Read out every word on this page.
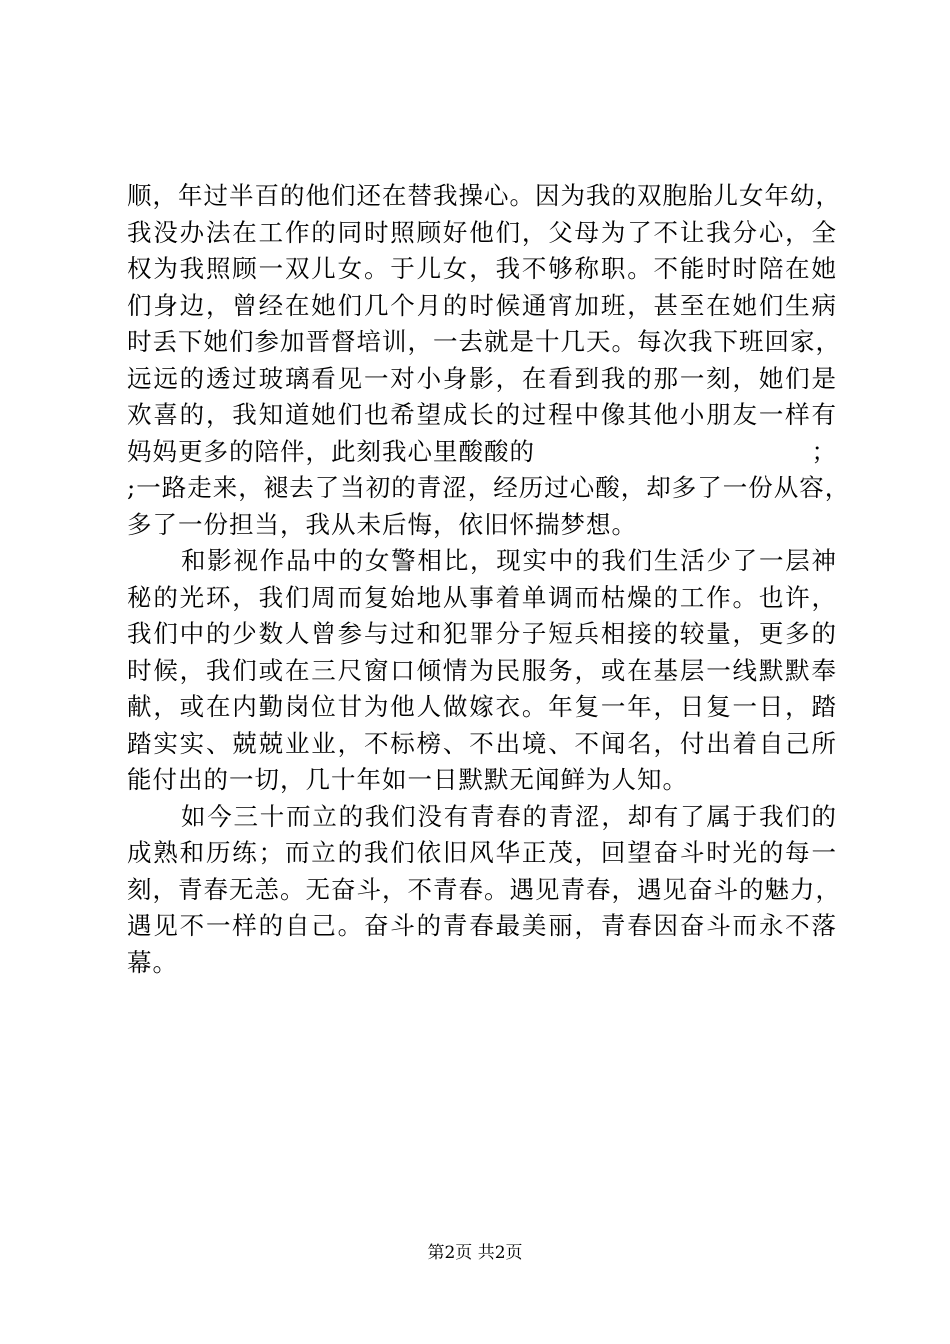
顺，年过半百的他们还在替我操心。因为我的双胞胎儿女年幼，
我没办法在工作的同时照顾好他们，父母为了不让我分心，全
权为我照顾一双儿女。于儿女，我不够称职。不能时时陪在她
们身边，曾经在她们几个月的时候通宵加班，甚至在她们生病
时丢下她们参加晋督培训，一去就是十几天。每次我下班回家，
远远的透过玻璃看见一对小身影，在看到我的那一刻，她们是
欢喜的，我知道她们也希望成长的过程中像其他小朋友一样有
妈妈更多的陪伴，此刻我心里酸酸的	；
;一路走来，褪去了当初的青涩，经历过心酸，却多了一份从容，
多了一份担当，我从未后悔，依旧怀揣梦想。
和影视作品中的女警相比，现实中的我们生活少了一层神
秘的光环，我们周而复始地从事着单调而枯燥的工作。也许，
我们中的少数人曾参与过和犯罪分子短兵相接的较量，更多的
时候，我们或在三尺窗口倾情为民服务，或在基层一线默默奉
献，或在内勤岗位甘为他人做嫁衣。年复一年，日复一日，踏
踏实实、兢兢业业，不标榜、不出境、不闻名，付出着自己所
能付出的一切，几十年如一日默默无闻鲜为人知。
如今三十而立的我们没有青春的青涩，却有了属于我们的
成熟和历练；而立的我们依旧风华正茂，回望奋斗时光的每一
刻，青春无恙。无奋斗，不青春。遇见青春，遇见奋斗的魅力，
遇见不一样的自己。奋斗的青春最美丽，青春因奋斗而永不落
幕。
第2页 共2页
